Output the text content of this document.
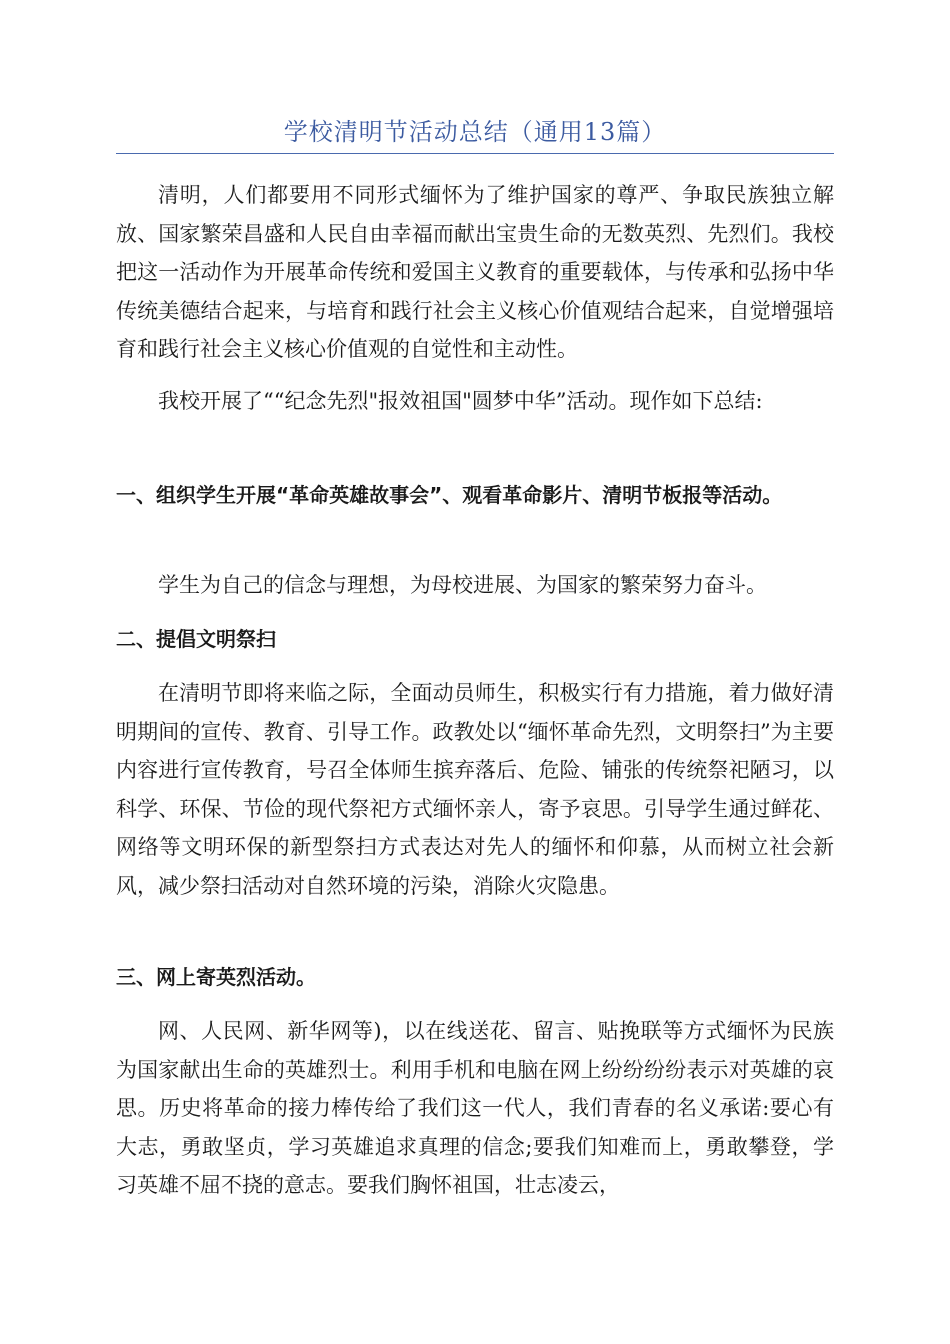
学校清明节活动总结（通用13篇）

清明，人们都要用不同形式缅怀为了维护国家的尊严、争取民族独立解放、国家繁荣昌盛和人民自由幸福而献出宝贵生命的无数英烈、先烈们。我校把这一活动作为开展革命传统和爱国主义教育的重要载体，与传承和弘扬中华传统美德结合起来，与培育和践行社会主义核心价值观结合起来，自觉增强培育和践行社会主义核心价值观的自觉性和主动性。

我校开展了““纪念先烈"报效祖国"圆梦中华”活动。现作如下总结:

一、组织学生开展“革命英雄故事会”、观看革命影片、清明节板报等活动。

学生为自己的信念与理想，为母校进展、为国家的繁荣努力奋斗。

二、提倡文明祭扫

在清明节即将来临之际，全面动员师生，积极实行有力措施，着力做好清明期间的宣传、教育、引导工作。政教处以“缅怀革命先烈，文明祭扫”为主要内容进行宣传教育，号召全体师生摈弃落后、危险、铺张的传统祭祀陋习，以科学、环保、节俭的现代祭祀方式缅怀亲人，寄予哀思。引导学生通过鲜花、网络等文明环保的新型祭扫方式表达对先人的缅怀和仰慕，从而树立社会新风，减少祭扫活动对自然环境的污染，消除火灾隐患。

三、网上寄英烈活动。

网、人民网、新华网等)，以在线送花、留言、贴挽联等方式缅怀为民族为国家献出生命的英雄烈士。利用手机和电脑在网上纷纷纷纷表示对英雄的哀思。历史将革命的接力棒传给了我们这一代人，我们青春的名义承诺:要心有大志，勇敢坚贞，学习英雄追求真理的信念;要我们知难而上，勇敢攀登，学习英雄不屈不挠的意志。要我们胸怀祖国，壮志凌云，
